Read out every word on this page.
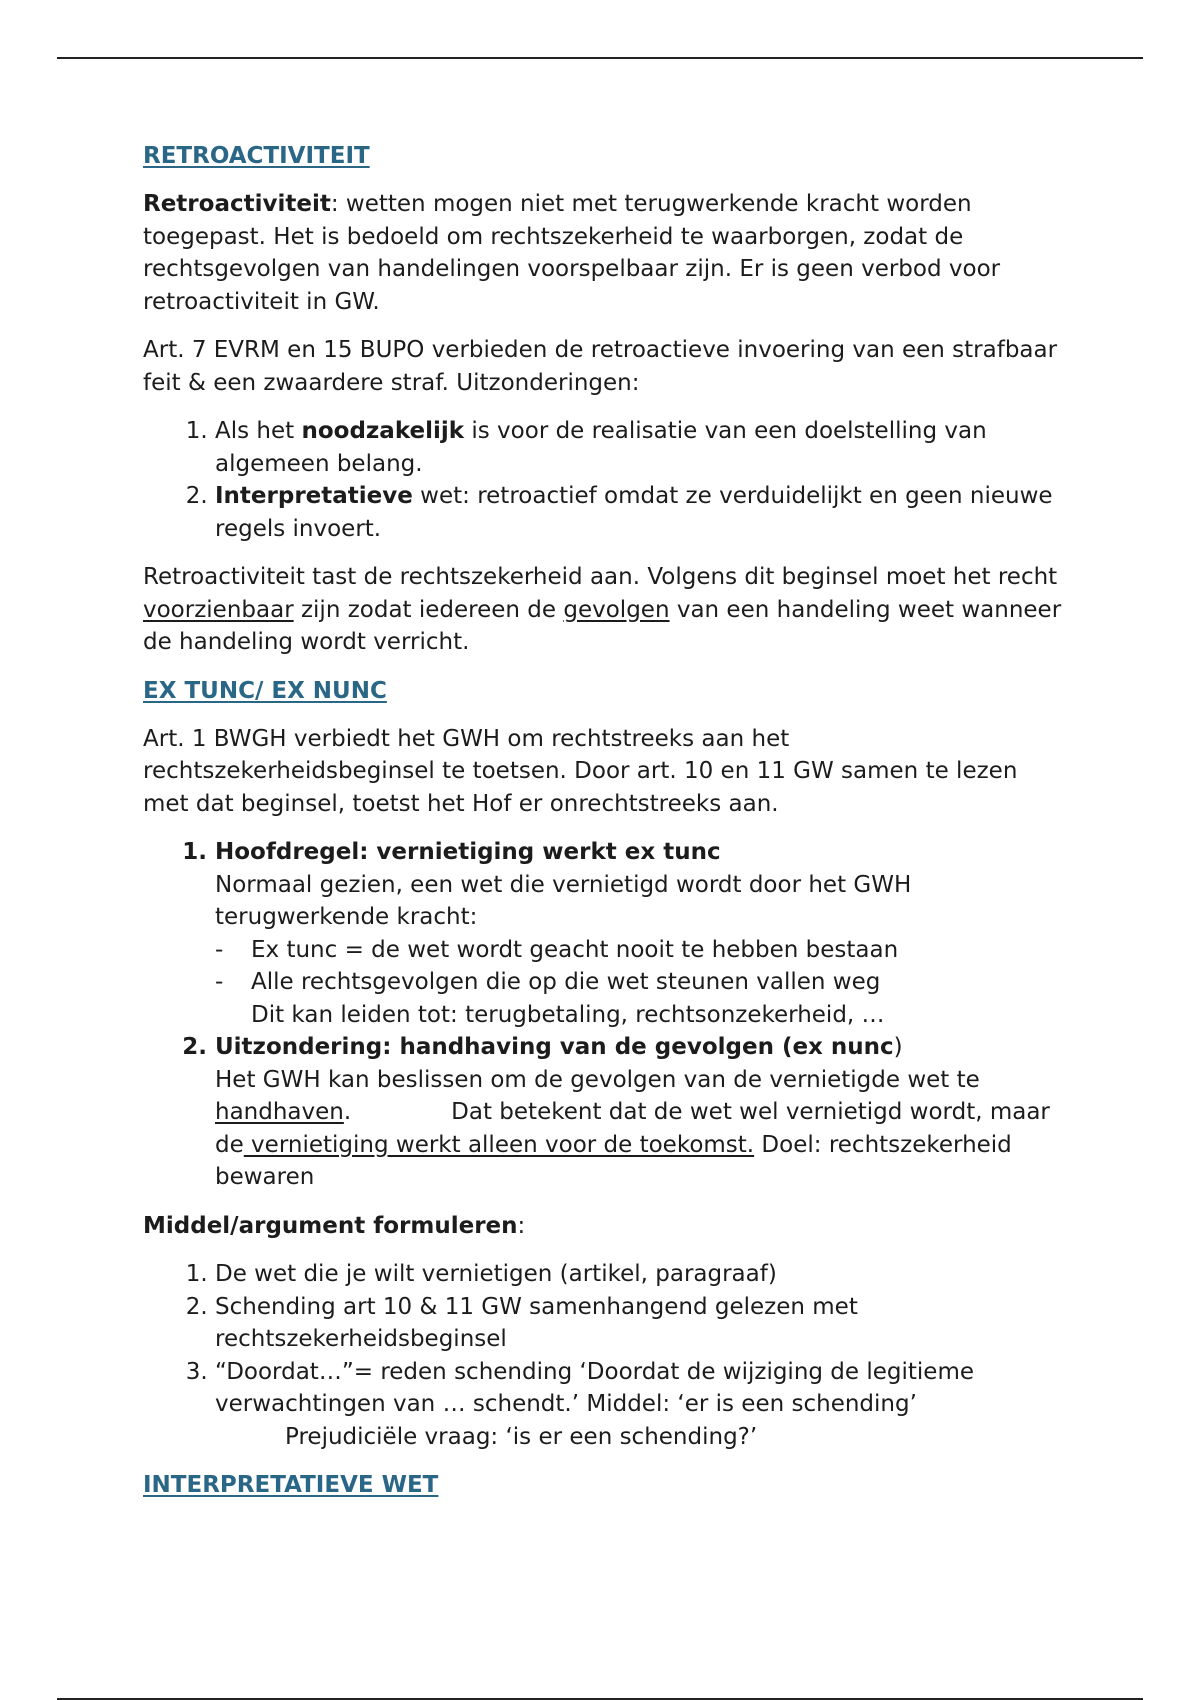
RETROACTIVITEIT

Retroactiviteit: wetten mogen niet met terugwerkende kracht worden toegepast. Het is bedoeld om rechtszekerheid te waarborgen, zodat de rechtsgevolgen van handelingen voorspelbaar zijn. Er is geen verbod voor retroactiviteit in GW.

Art. 7 EVRM en 15 BUPO verbieden de retroactieve invoering van een strafbaar feit & een zwaardere straf. Uitzonderingen:

1. Als het noodzakelijk is voor de realisatie van een doelstelling van algemeen belang.
2. Interpretatieve wet: retroactief omdat ze verduidelijkt en geen nieuwe regels invoert.

Retroactiviteit tast de rechtszekerheid aan. Volgens dit beginsel moet het recht voorzienbaar zijn zodat iedereen de gevolgen van een handeling weet wanneer de handeling wordt verricht.

EX TUNC/ EX NUNC

Art. 1 BWGH verbiedt het GWH om rechtstreeks aan het rechtszekerheidsbeginsel te toetsen. Door art. 10 en 11 GW samen te lezen met dat beginsel, toetst het Hof er onrechtstreeks aan.

1. Hoofdregel: vernietiging werkt ex tunc
Normaal gezien, een wet die vernietigd wordt door het GWH terugwerkende kracht:
- Ex tunc = de wet wordt geacht nooit te hebben bestaan
- Alle rechtsgevolgen die op die wet steunen vallen weg
Dit kan leiden tot: terugbetaling, rechtsonzekerheid, …
2. Uitzondering: handhaving van de gevolgen (ex nunc)
Het GWH kan beslissen om de gevolgen van de vernietigde wet te handhaven.	Dat betekent dat de wet wel vernietigd wordt, maar de vernietiging werkt alleen voor de toekomst. Doel: rechtszekerheid bewaren

Middel/argument formuleren:

1. De wet die je wilt vernietigen (artikel, paragraaf)
2. Schending art 10 & 11 GW samenhangend gelezen met rechtszekerheidsbeginsel
3. “Doordat…”= reden schending ‘Doordat de wijziging de legitieme verwachtingen van … schendt.’ Middel: ‘er is een schending’
Prejudiciële vraag: ‘is er een schending?’
INTERPRETATIEVE WET
